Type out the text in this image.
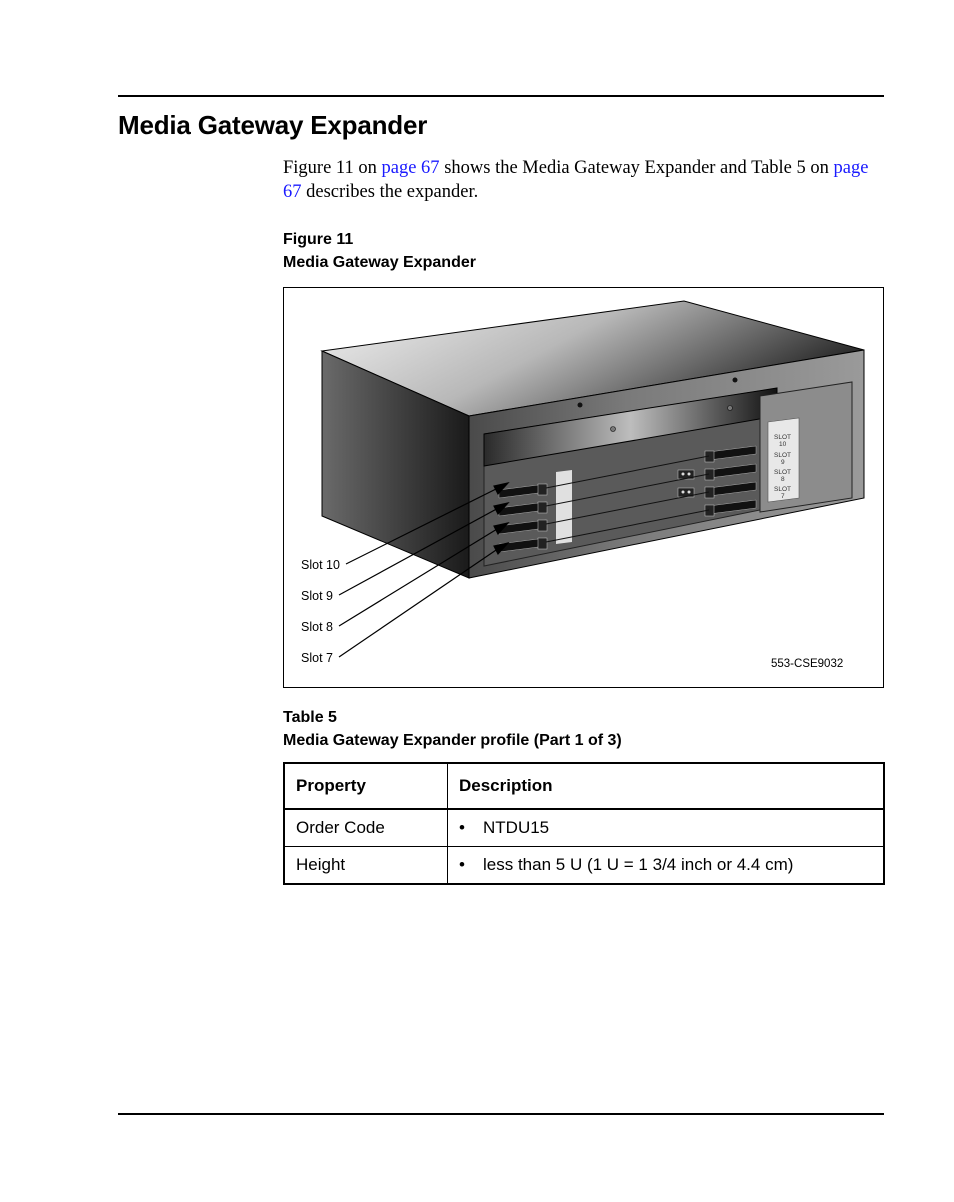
Media Gateway Expander

Figure 11 on page 67 shows the Media Gateway Expander and Table 5 on page 67 describes the expander.

Figure 11
Media Gateway Expander
SLOT
10
SLOT
9
SLOT
8
SLOT
7
Slot 10
Slot 9
Slot 8
Slot 7	553-CSE9032
Table 5
Media Gateway Expander profile (Part 1 of 3)
Property	Description
Order Code	• NTDU15
Height	• less than 5 U (1 U = 1 3/4 inch or 4.4 cm)
